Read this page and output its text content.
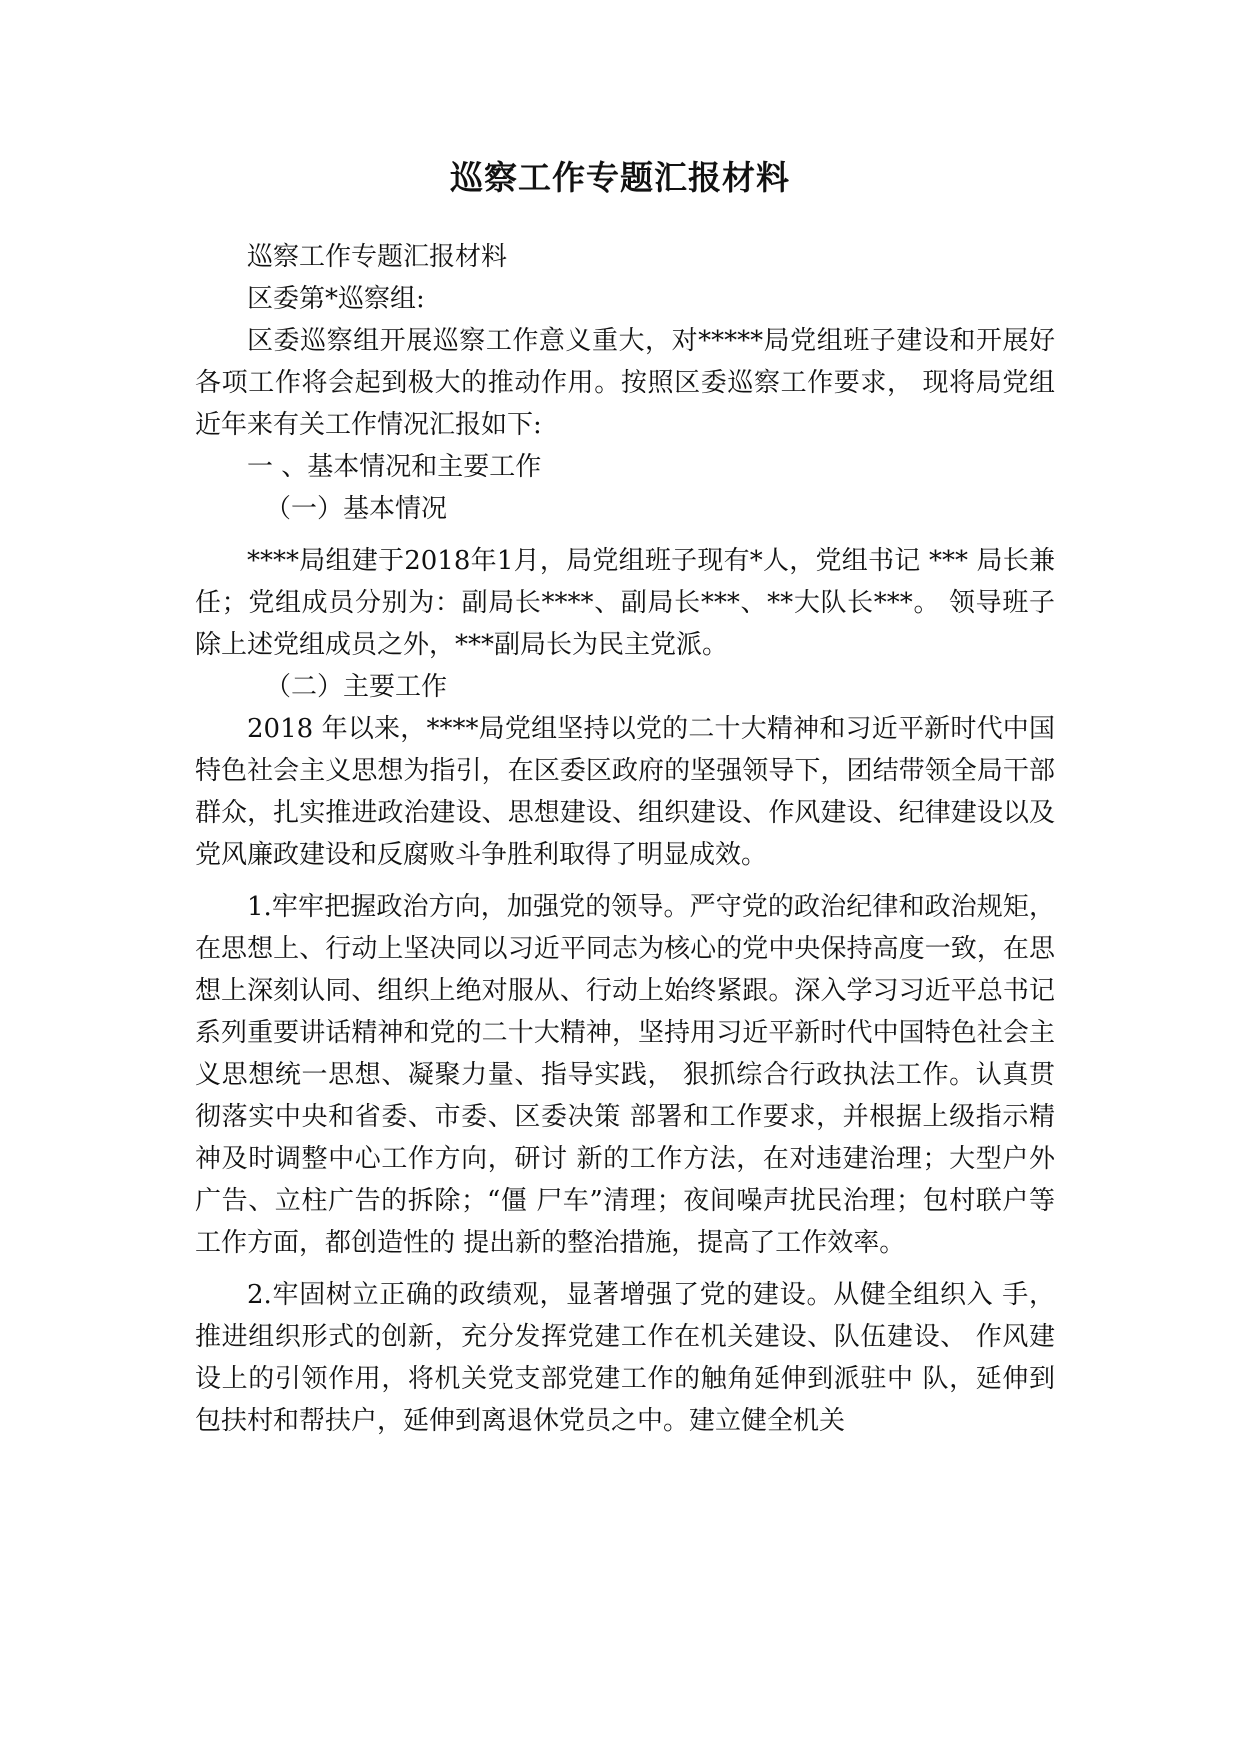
巡察工作专题汇报材料

巡察工作专题汇报材料

区委第*巡察组:

区委巡察组开展巡察工作意义重大，对*****局党组班子建设和开展好各项工作将会起到极大的推动作用。按照区委巡察工作要求， 现将局党组近年来有关工作情况汇报如下:

一 、基本情况和主要工作

（一）基本情况

****局组建于2018年1月，局党组班子现有*人，党组书记 *** 局长兼任；党组成员分别为：副局长****、副局长***、**大队长***。 领导班子除上述党组成员之外，***副局长为民主党派。

（二）主要工作

2018 年以来，****局党组坚持以党的二十大精神和习近平新时代中国特色社会主义思想为指引，在区委区政府的坚强领导下，团结带领全局干部群众，扎实推进政治建设、思想建设、组织建设、作风建设、纪律建设以及党风廉政建设和反腐败斗争胜利取得了明显成效。

1.牢牢把握政治方向，加强党的领导。严守党的政治纪律和政治规矩，在思想上、行动上坚决同以习近平同志为核心的党中央保持高度一致，在思想上深刻认同、组织上绝对服从、行动上始终紧跟。深入学习习近平总书记系列重要讲话精神和党的二十大精神，坚持用习近平新时代中国特色社会主义思想统一思想、凝聚力量、指导实践， 狠抓综合行政执法工作。认真贯彻落实中央和省委、市委、区委决策 部署和工作要求，并根据上级指示精神及时调整中心工作方向，研讨 新的工作方法，在对违建治理；大型户外广告、立柱广告的拆除；“僵 尸车”清理；夜间噪声扰民治理；包村联户等工作方面，都创造性的 提出新的整治措施，提高了工作效率。

2.牢固树立正确的政绩观，显著增强了党的建设。从健全组织入 手，推进组织形式的创新，充分发挥党建工作在机关建设、队伍建设、 作风建设上的引领作用，将机关党支部党建工作的触角延伸到派驻中 队，延伸到包扶村和帮扶户，延伸到离退休党员之中。建立健全机关
